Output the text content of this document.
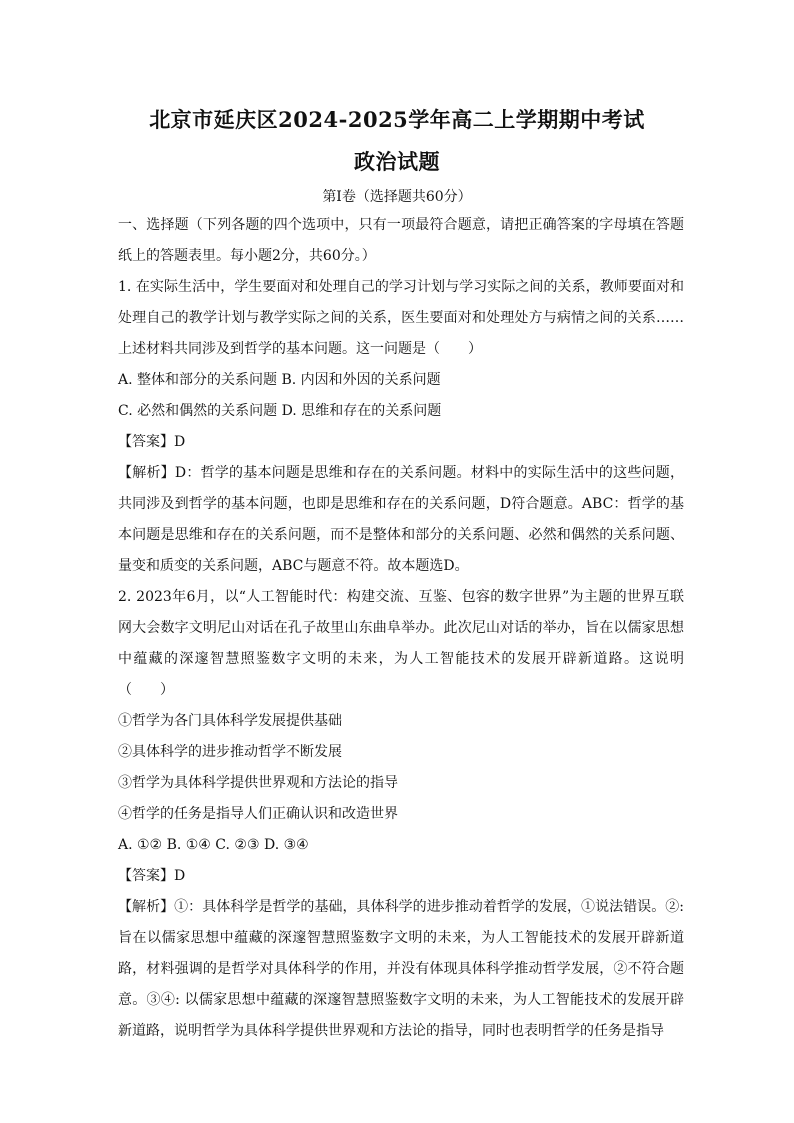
北京市延庆区2024-2025学年高二上学期期中考试
政治试题
第I卷（选择题共60分）

一、选择题（下列各题的四个选项中，只有一项最符合题意，请把正确答案的字母填在答题纸上的答题表里。每小题2分，共60分。）

1. 在实际生活中，学生要面对和处理自己的学习计划与学习实际之间的关系，教师要面对和处理自己的教学计划与教学实际之间的关系，医生要面对和处理处方与病情之间的关系……上述材料共同涉及到哲学的基本问题。这一问题是（　　）

A. 整体和部分的关系问题 B. 内因和外因的关系问题

C. 必然和偶然的关系问题 D. 思维和存在的关系问题

【答案】D

【解析】D：哲学的基本问题是思维和存在的关系问题。材料中的实际生活中的这些问题，共同涉及到哲学的基本问题，也即是思维和存在的关系问题，D符合题意。ABC：哲学的基本问题是思维和存在的关系问题，而不是整体和部分的关系问题、必然和偶然的关系问题、量变和质变的关系问题，ABC与题意不符。故本题选D。

2. 2023年6月，以“人工智能时代：构建交流、互鉴、包容的数字世界”为主题的世界互联网大会数字文明尼山对话在孔子故里山东曲阜举办。此次尼山对话的举办，旨在以儒家思想中蕴藏的深邃智慧照鉴数字文明的未来，为人工智能技术的发展开辟新道路。这说明（　　）

①哲学为各门具体科学发展提供基础

②具体科学的进步推动哲学不断发展

③哲学为具体科学提供世界观和方法论的指导

④哲学的任务是指导人们正确认识和改造世界

A. ①② B. ①④ C. ②③ D. ③④

【答案】D

【解析】①：具体科学是哲学的基础，具体科学的进步推动着哲学的发展，①说法错误。②: 旨在以儒家思想中蕴藏的深邃智慧照鉴数字文明的未来，为人工智能技术的发展开辟新道路，材料强调的是哲学对具体科学的作用，并没有体现具体科学推动哲学发展，②不符合题意。③④: 以儒家思想中蕴藏的深邃智慧照鉴数字文明的未来，为人工智能技术的发展开辟新道路，说明哲学为具体科学提供世界观和方法论的指导，同时也表明哲学的任务是指导
